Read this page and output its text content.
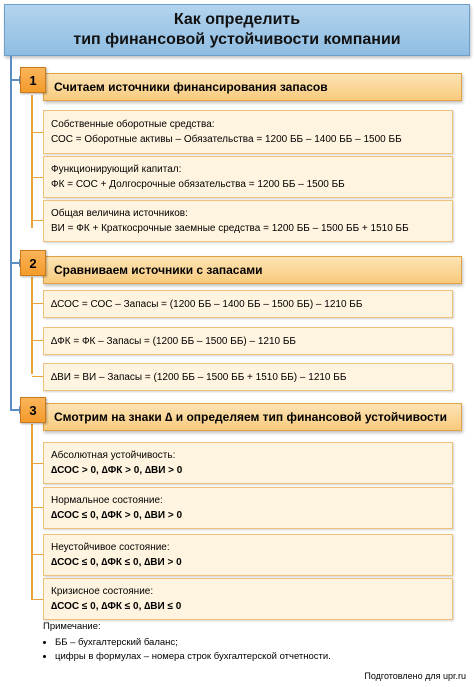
Как определить
тип финансовой устойчивости компании
Считаем источники финансирования запасов
1
Собственные оборотные средства:
СОС = Оборотные активы – Обязательства = 1200 ББ – 1400 ББ – 1500 ББ
Функционирующий капитал:
ФК = СОС + Долгосрочные обязательства = 1200 ББ – 1500 ББ
Общая величина источников:
ВИ = ФК + Краткосрочные заемные средства = 1200 ББ – 1500 ББ + 1510 ББ
Сравниваем источники с запасами
2
∆СОС = СОС – Запасы = (1200 ББ – 1400 ББ – 1500 ББ) – 1210 ББ
∆ФК = ФК – Запасы = (1200 ББ – 1500 ББ) – 1210 ББ
∆ВИ = ВИ – Запасы = (1200 ББ – 1500 ББ + 1510 ББ) – 1210 ББ
Смотрим на знаки ∆ и определяем тип финансовой устойчивости
3
Абсолютная устойчивость:
∆СОС > 0, ∆ФК > 0, ∆ВИ > 0
Нормальное состояние:
∆СОС ≤ 0, ∆ФК > 0, ∆ВИ > 0
Неустойчивое состояние:
∆СОС ≤ 0, ∆ФК ≤ 0, ∆ВИ > 0
Кризисное состояние:
∆СОС ≤ 0, ∆ФК ≤ 0, ∆ВИ ≤ 0
Примечание:
• ББ – бухгалтерский баланс;
• цифры в формулах – номера строк бухгалтерской отчетности.
Подготовлено для upr.ru
